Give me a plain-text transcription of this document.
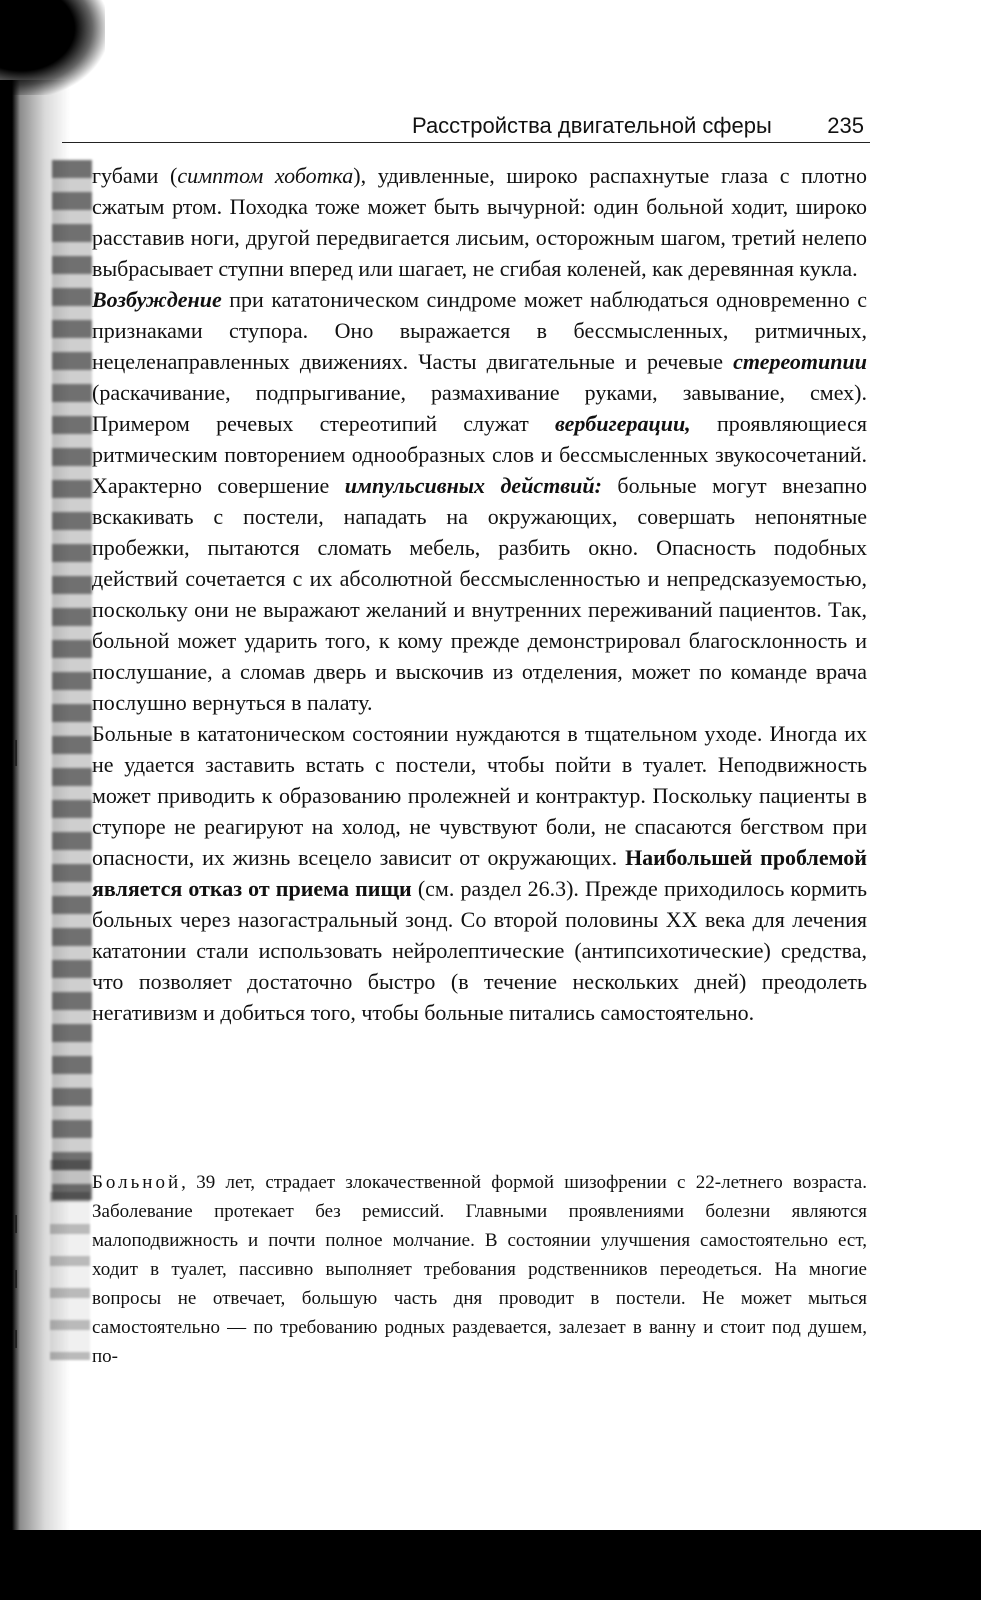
Расстройства двигательной сферы	235

губами (симптом хоботка), удивленные, широко распахнутые глаза с плотно сжатым ртом. Походка тоже может быть вычурной: один больной ходит, широко расставив ноги, другой передвигается лисьим, осторожным шагом, третий нелепо выбрасывает ступни вперед или шагает, не сгибая коленей, как деревянная кукла.

Возбуждение при кататоническом синдроме может наблюдаться одновременно с признаками ступора. Оно выражается в бессмысленных, ритмичных, нецеленаправленных движениях. Часты двигательные и речевые стереотипии (раскачивание, подпрыгивание, размахивание руками, завывание, смех). Примером речевых стереотипий служат вербигерации, проявляющиеся ритмическим повторением однообразных слов и бессмысленных звукосочетаний. Характерно совершение импульсивных действий: больные могут внезапно вскакивать с постели, нападать на окружающих, совершать непонятные пробежки, пытаются сломать мебель, разбить окно. Опасность подобных действий сочетается с их абсолютной бессмысленностью и непредсказуемостью, поскольку они не выражают желаний и внутренних переживаний пациентов. Так, больной может ударить того, к кому прежде демонстрировал благосклонность и послушание, а сломав дверь и выскочив из отделения, может по команде врача послушно вернуться в палату.

Больные в кататоническом состоянии нуждаются в тщательном уходе. Иногда их не удается заставить встать с постели, чтобы пойти в туалет. Неподвижность может приводить к образованию пролежней и контрактур. Поскольку пациенты в ступоре не реагируют на холод, не чувствуют боли, не спасаются бегством при опасности, их жизнь всецело зависит от окружающих. Наибольшей проблемой является отказ от приема пищи (см. раздел 26.3). Прежде приходилось кормить больных через назогастральный зонд. Со второй половины XX века для лечения кататонии стали использовать нейролептические (антипсихотические) средства, что позволяет достаточно быстро (в течение нескольких дней) преодолеть негативизм и добиться того, чтобы больные питались самостоятельно.

Больной, 39 лет, страдает злокачественной формой шизофрении с 22-летнего возраста. Заболевание протекает без ремиссий. Главными проявлениями болезни являются малоподвижность и почти полное молчание. В состоянии улучшения самостоятельно ест, ходит в туалет, пассивно выполняет требования родственников переодеться. На многие вопросы не отвечает, большую часть дня проводит в постели. Не может мыться самостоятельно — по требованию родных раздевается, залезает в ванну и стоит под душем, по-
